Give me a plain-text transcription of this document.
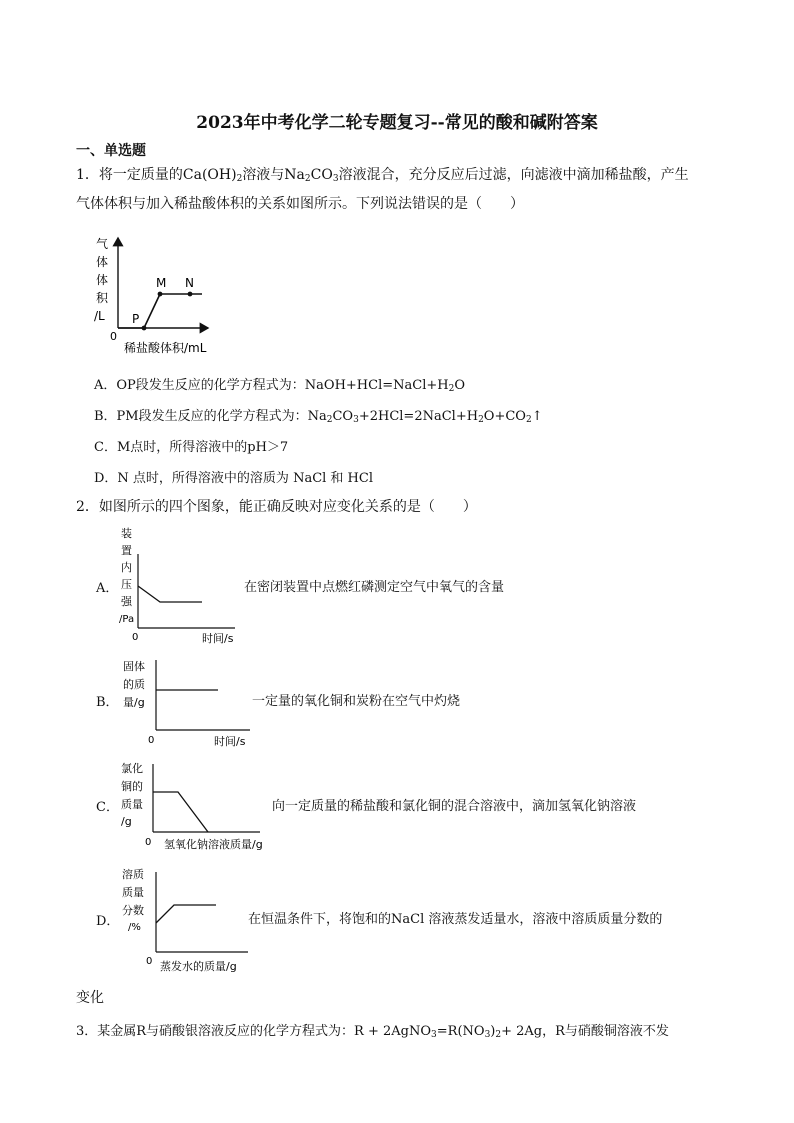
2023年中考化学二轮专题复习--常见的酸和碱附答案
一、单选题
1．将一定质量的$Ca(OH)_2$溶液与$Na_2CO_3$溶液混合，充分反应后过滤，向滤液中滴加稀盐酸，产生
气体体积与加入稀盐酸体积的关系如图所示。下列说法错误的是（　　）
气
体
体
积
/L
0
稀盐酸体积/mL
P
M N
A．OP段发生反应的化学方程式为：$NaOH+HCl=NaCl+H_2O$
B．PM段发生反应的化学方程式为：$Na_2CO_3+2HCl=2NaCl+H_2O+CO_2↑$
C．M点时，所得溶液中的pH＞7
D．N 点时，所得溶液中的溶质为 NaCl 和 HCl
2．如图所示的四个图象，能正确反映对应变化关系的是（　　）
A．
装
置
内
压
强
/Pa
0	时间/s
在密闭装置中点燃红磷测定空气中氧气的含量
B．
固体
的质
量/g
0	时间/s
一定量的氧化铜和炭粉在空气中灼烧
C．
氯化
铜的
质量
/g
0 氢氧化钠溶液质量/g
向一定质量的稀盐酸和氯化铜的混合溶液中，滴加氢氧化钠溶液
D．
溶质
质量
分数
/%
0 蒸发水的质量/g
在恒温条件下，将饱和的NaCl 溶液蒸发适量水，溶液中溶质质量分数的
变化
3．某金属R与硝酸银溶液反应的化学方程式为：$R + 2AgNO_3=R(NO_3)_2+ 2Ag$，R与硝酸铜溶液不发
